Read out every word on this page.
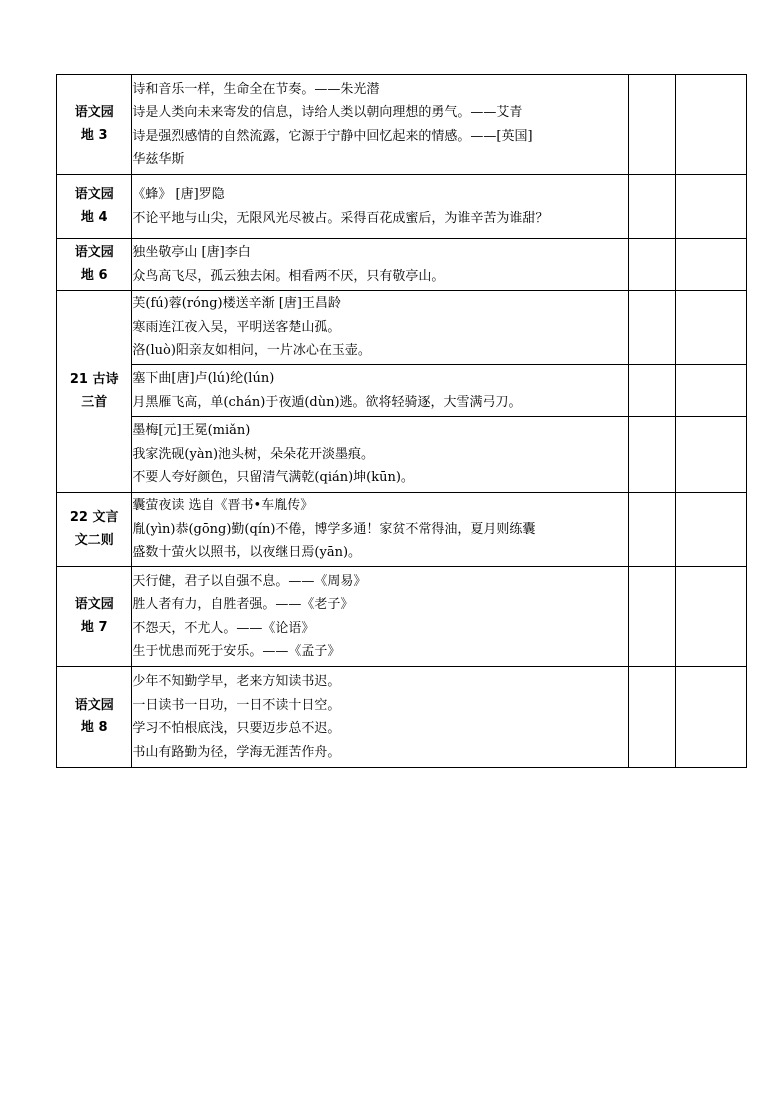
语文园
地 3	诗和音乐一样，生命全在节奏。——朱光潜
诗是人类向未来寄发的信息，诗给人类以朝向理想的勇气。——艾青
诗是强烈感情的自然流露，它源于宁静中回忆起来的情感。——[英国]
华兹华斯		

语文园
地 4	《蜂》 [唐]罗隐
不论平地与山尖，无限风光尽被占。采得百花成蜜后，为谁辛苦为谁甜？		

语文园
地 6	独坐敬亭山 [唐]李白
众鸟高飞尽，孤云独去闲。相看两不厌，只有敬亭山。		

21 古诗
三首	芙(fú)蓉(róng)楼送辛渐 [唐]王昌龄
寒雨连江夜入吴，平明送客楚山孤。
洛(luò)阳亲友如相问，一片冰心在玉壶。		

	塞下曲[唐]卢(lú)纶(lún)
月黑雁飞高，单(chán)于夜遁(dùn)逃。欲将轻骑逐，大雪满弓刀。		

	墨梅[元]王冕(miǎn)
我家洗砚(yàn)池头树，朵朵花开淡墨痕。
不要人夸好颜色，只留清气满乾(qián)坤(kūn)。		

22 文言
文二则	囊萤夜读 选自《晋书•车胤传》
胤(yìn)恭(gōng)勤(qín)不倦，博学多通！家贫不常得油，夏月则练囊
盛数十萤火以照书，以夜继日焉(yān)。		

语文园
地 7	天行健，君子以自强不息。——《周易》
胜人者有力，自胜者强。——《老子》
不怨天，不尤人。——《论语》
生于忧患而死于安乐。——《孟子》		

语文园
地 8	少年不知勤学早，老来方知读书迟。
一日读书一日功，一日不读十日空。
学习不怕根底浅，只要迈步总不迟。
书山有路勤为径，学海无涯苦作舟。		
